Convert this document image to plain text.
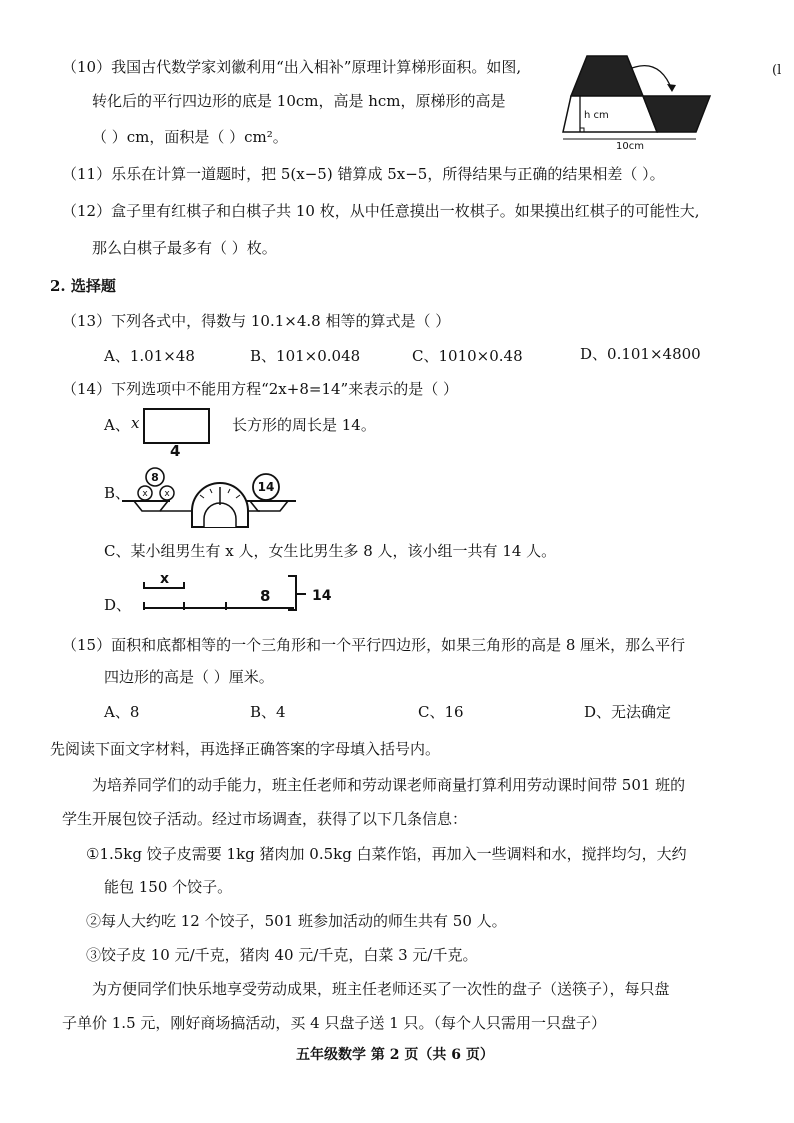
（10）我国古代数学家刘徽利用“出入相补”原理计算梯形面积。如图,
转化后的平行四边形的底是 10cm，高是 hcm，原梯形的高是
（ ）cm，面积是（ ）cm²。
(l
h cm
10cm
（11）乐乐在计算一道题时，把 5(x−5) 错算成 5x−5，所得结果与正确的结果相差（ ）。
（12）盒子里有红棋子和白棋子共 10 枚，从中任意摸出一枚棋子。如果摸出红棋子的可能性大,
那么白棋子最多有（ ）枚。
2. 选择题
（13）下列各式中，得数与 10.1×4.8 相等的算式是（ ）
A、1.01×48	B、101×0.048	C、1010×0.48	D、0.101×4800
（14）下列选项中不能用方程“2x+8=14”来表示的是（ ）
A、 x
4
长方形的周长是 14。
B、
8
x x	14
C、某小组男生有 x 人，女生比男生多 8 人，该小组一共有 14 人。
D、
x
8	14
（15）面积和底都相等的一个三角形和一个平行四边形，如果三角形的高是 8 厘米，那么平行
四边形的高是（ ）厘米。
A、8	B、4	C、16	D、无法确定
先阅读下面文字材料，再选择正确答案的字母填入括号内。
为培养同学们的动手能力，班主任老师和劳动课老师商量打算利用劳动课时间带 501 班的
学生开展包饺子活动。经过市场调查，获得了以下几条信息：
①1.5kg 饺子皮需要 1kg 猪肉加 0.5kg 白菜作馅，再加入一些调料和水，搅拌均匀，大约
能包 150 个饺子。
②每人大约吃 12 个饺子，501 班参加活动的师生共有 50 人。
③饺子皮 10 元/千克，猪肉 40 元/千克，白菜 3 元/千克。
为方便同学们快乐地享受劳动成果，班主任老师还买了一次性的盘子（送筷子），每只盘
子单价 1.5 元，刚好商场搞活动，买 4 只盘子送 1 只。（每个人只需用一只盘子）
五年级数学 第 2 页（共 6 页）
